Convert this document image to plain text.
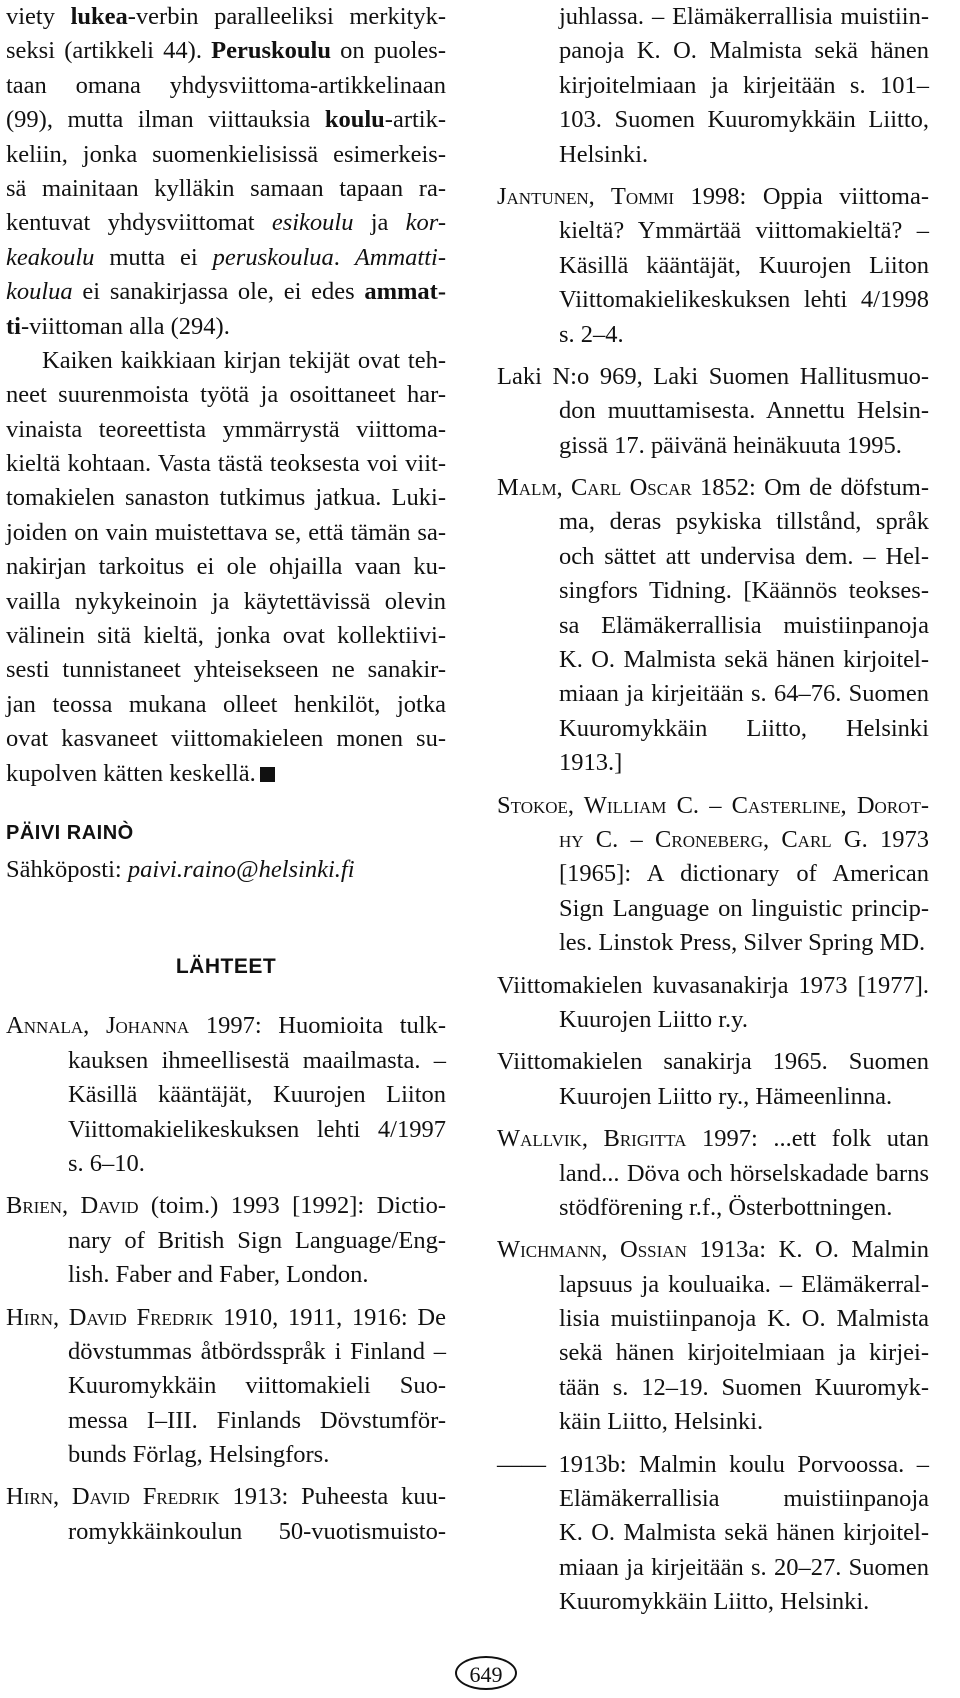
viety lukea-verbin paralleeliksi merkityk-
seksi (artikkeli 44). Peruskoulu on puoles-
taan omana yhdysviittoma-artikkelinaan
(99), mutta ilman viittauksia koulu-artik-
keliin, jonka suomenkielisissä esimerkeis-
sä mainitaan kylläkin samaan tapaan ra-
kentuvat yhdysviittomat esikoulu ja kor-
keakoulu mutta ei peruskoulua. Ammatti-
koulua ei sanakirjassa ole, ei edes ammat-
ti-viittoman alla (294).
Kaiken kaikkiaan kirjan tekijät ovat teh-
neet suurenmoista työtä ja osoittaneet har-
vinaista teoreettista ymmärrystä viittoma-
kieltä kohtaan. Vasta tästä teoksesta voi viit-
tomakielen sanaston tutkimus jatkua. Luki-
joiden on vain muistettava se, että tämän sa-
nakirjan tarkoitus ei ole ohjailla vaan ku-
vailla nykykeinoin ja käytettävissä olevin
välinein sitä kieltä, jonka ovat kollektiivi-
sesti tunnistaneet yhteisekseen ne sanakir-
jan teossa mukana olleet henkilöt, jotka
ovat kasvaneet viittomakieleen monen su-
kupolven kätten keskellä.
PÄIVI RAINÒ
Sähköposti: paivi.raino@helsinki.fi
LÄHTEET
Annala, Johanna 1997: Huomioita tulk-
kauksen ihmeellisestä maailmasta. –
Käsillä kääntäjät, Kuurojen Liiton
Viittomakielikeskuksen lehti 4/1997
s. 6–10.
Brien, David (toim.) 1993 [1992]: Dictio-
nary of British Sign Language/Eng-
lish. Faber and Faber, London.
Hirn, David Fredrik 1910, 1911, 1916: De
dövstummas åtbördsspråk i Finland –
Kuuromykkäin viittomakieli Suo-
messa I–III. Finlands Dövstumför-
bunds Förlag, Helsingfors.
Hirn, David Fredrik 1913: Puheesta kuu-
romykkäinkoulun 50-vuotismuisto-
juhlassa. – Elämäkerrallisia muistiin-
panoja K. O. Malmista sekä hänen
kirjoitelmiaan ja kirjeitään s. 101–
103. Suomen Kuuromykkäin Liitto,
Helsinki.
Jantunen, Tommi 1998: Oppia viittoma-
kieltä? Ymmärtää viittomakieltä? –
Käsillä kääntäjät, Kuurojen Liiton
Viittomakielikeskuksen lehti 4/1998
s. 2–4.
Laki N:o 969, Laki Suomen Hallitusmuo-
don muuttamisesta. Annettu Helsin-
gissä 17. päivänä heinäkuuta 1995.
Malm, Carl Oscar 1852: Om de döfstum-
ma, deras psykiska tillstånd, språk
och sättet att undervisa dem. – Hel-
singfors Tidning. [Käännös teokses-
sa Elämäkerrallisia muistiinpanoja
K. O. Malmista sekä hänen kirjoitel-
miaan ja kirjeitään s. 64–76. Suomen
Kuuromykkäin Liitto, Helsinki
1913.]
Stokoe, William C. – Casterline, Doroт-
hy C. – Croneberg, Carl G. 1973
[1965]: A dictionary of American
Sign Language on linguistic princip-
les. Linstok Press, Silver Spring MD.
Viittomakielen kuvasanakirja 1973 [1977].
Kuurojen Liitto r.y.
Viittomakielen sanakirja 1965. Suomen
Kuurojen Liitto ry., Hämeenlinna.
Wallvik, Brigitta 1997: ...ett folk utan
land... Döva och hörselskadade barns
stödförening r.f., Österbottningen.
Wichmann, Ossian 1913a: K. O. Malmin
lapsuus ja kouluaika. – Elämäkerral-
lisia muistiinpanoja K. O. Malmista
sekä hänen kirjoitelmiaan ja kirjei-
tään s. 12–19. Suomen Kuuromyk-
käin Liitto, Helsinki.
—— 1913b: Malmin koulu Porvoossa. –
Elämäkerrallisia muistiinpanoja
K. O. Malmista sekä hänen kirjoitel-
miaan ja kirjeitään s. 20–27. Suomen
Kuuromykkäin Liitto, Helsinki.
649
